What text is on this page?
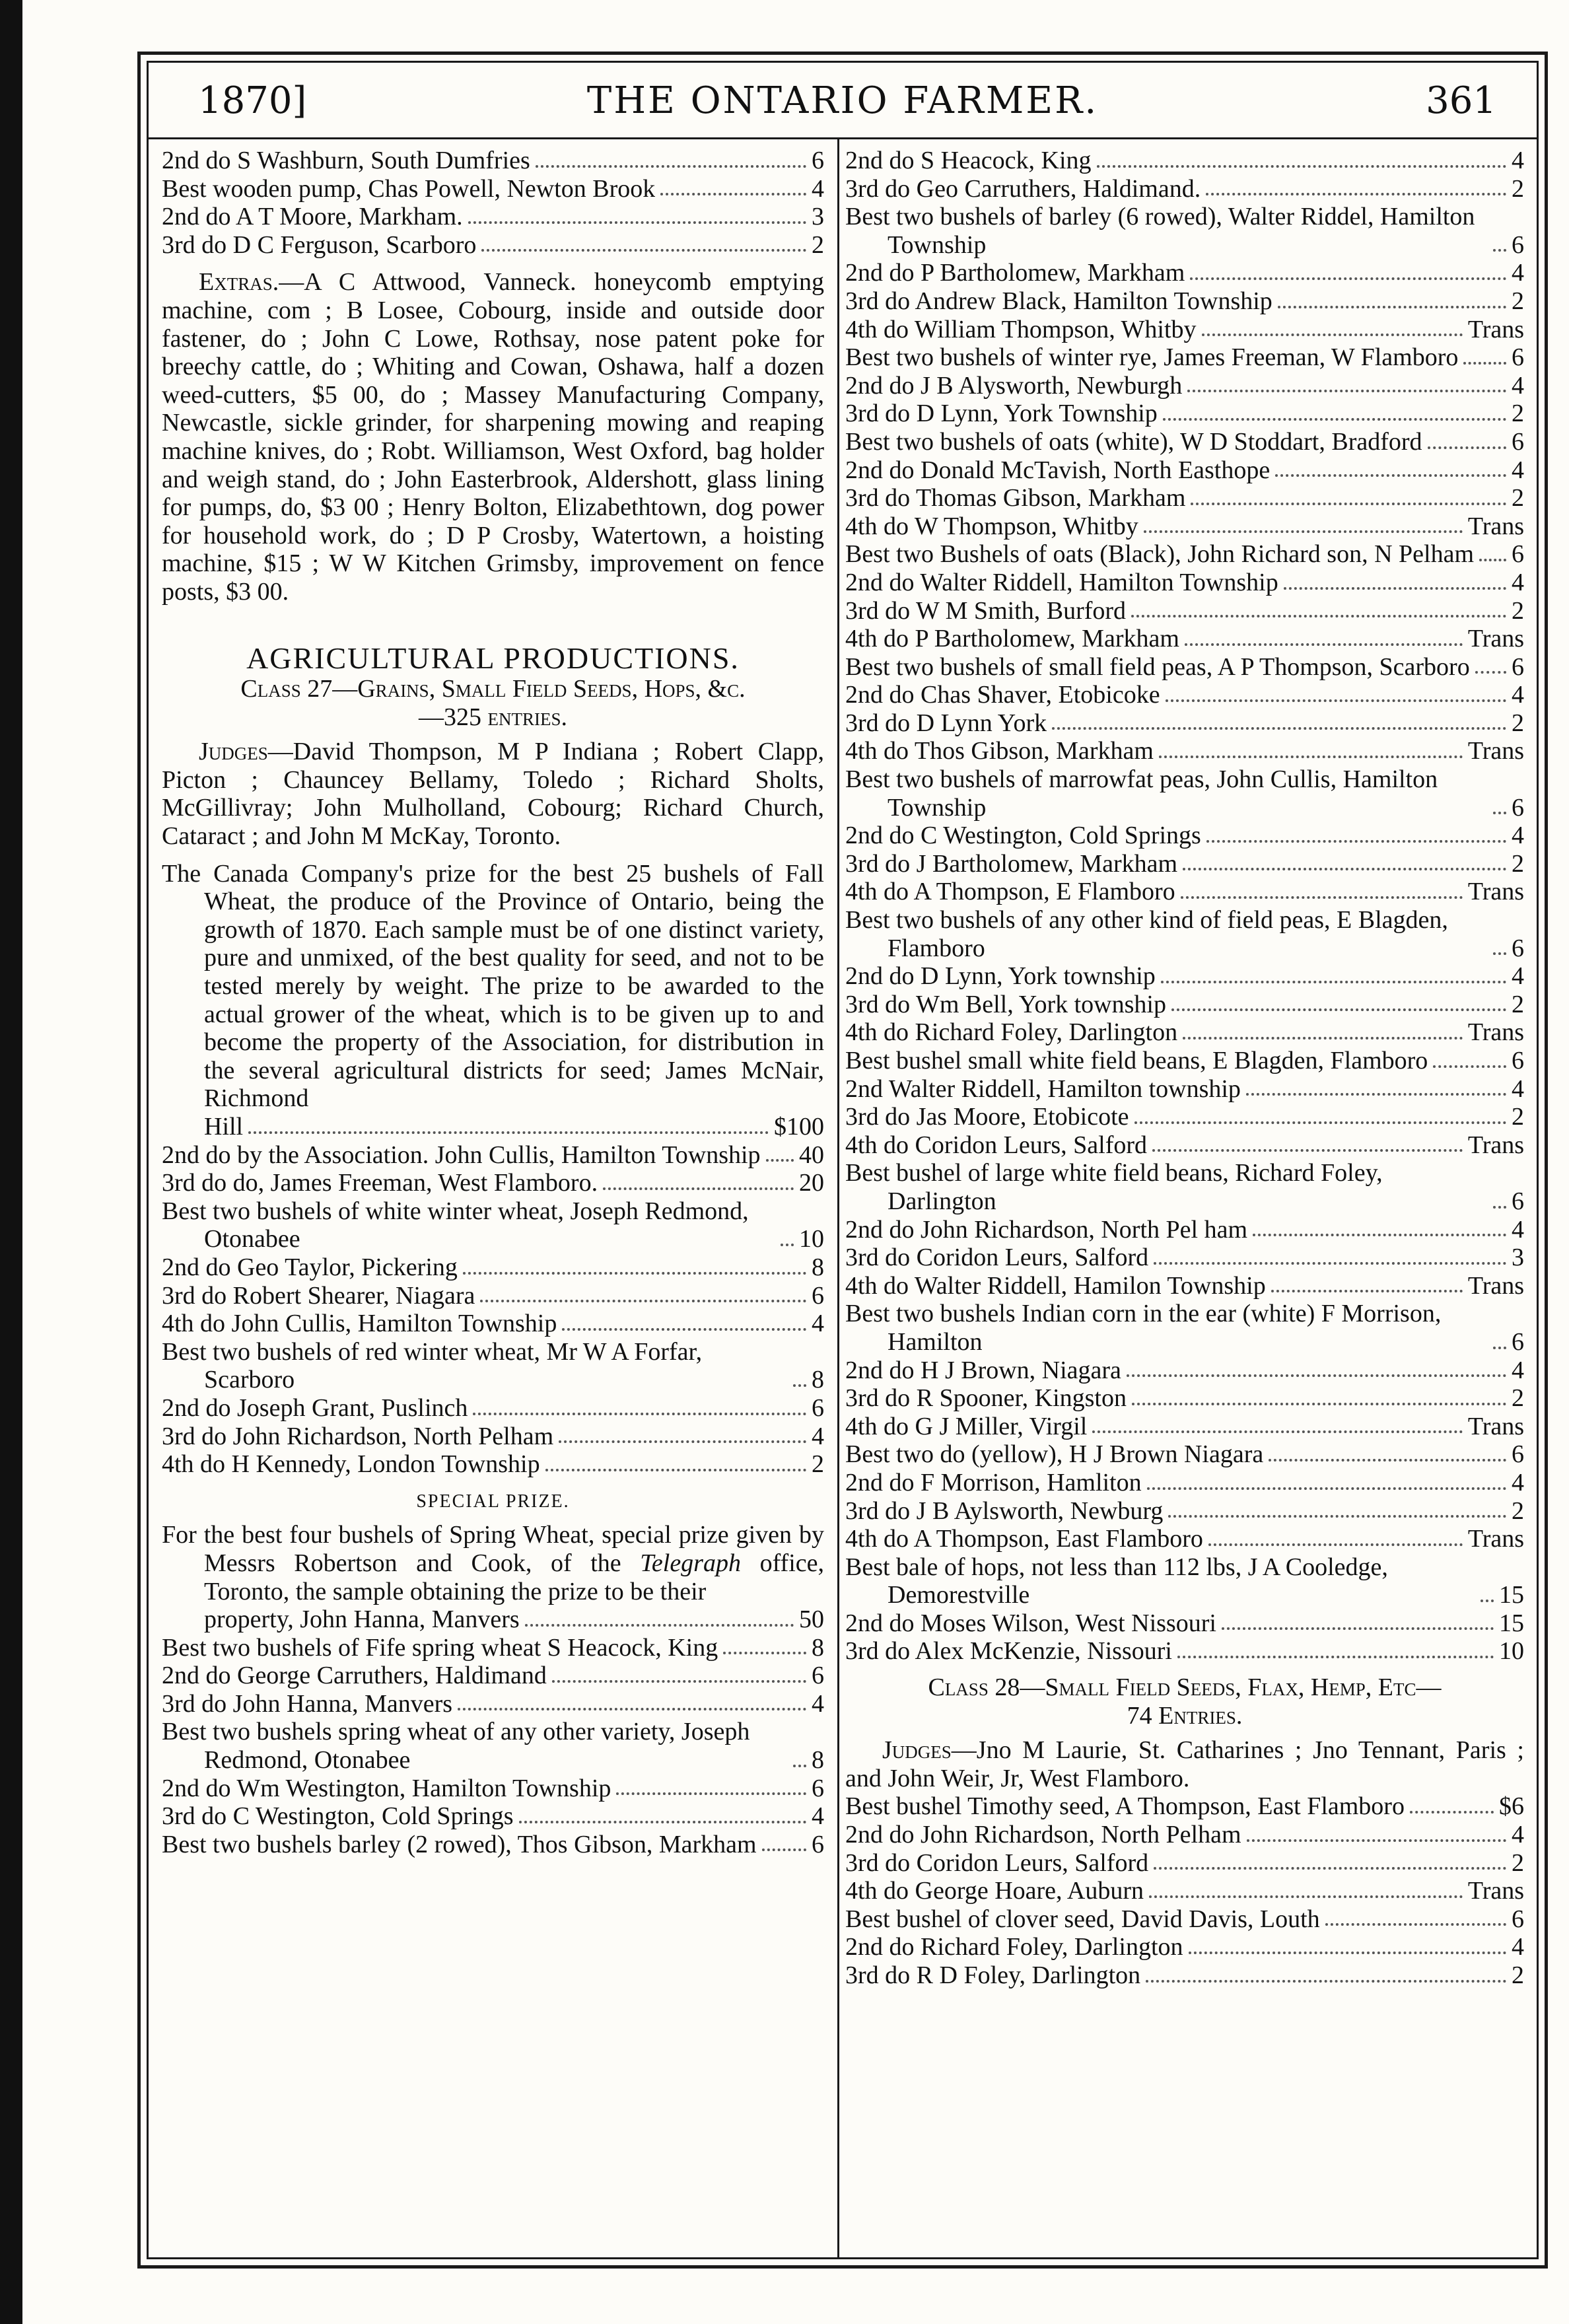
1870]	THE ONTARIO FARMER.	361
2nd do S Washburn, South Dumfries	6
Best wooden pump, Chas Powell, Newton Brook	4
2nd do A T Moore, Markham.	3
3rd do D C Ferguson, Scarboro	2

Extras.—A C Attwood, Vanneck. honeycomb emptying machine, com ; B Losee, Cobourg, inside and outside door fastener, do ; John C Lowe, Rothsay, nose patent poke for breechy cattle, do ; Whiting and Cowan, Oshawa, half a dozen weed-cutters, $5 00, do ; Massey Manufacturing Company, Newcastle, sickle grinder, for sharpening mowing and reaping machine knives, do ; Robt. Williamson, West Oxford, bag holder and weigh stand, do ; John Easterbrook, Aldershott, glass lining for pumps, do, $3 00 ; Henry Bolton, Elizabethtown, dog power for household work, do ; D P Crosby, Watertown, a hoisting machine, $15 ; W W Kitchen Grimsby, improvement on fence posts, $3 00.

AGRICULTURAL PRODUCTIONS.
Class 27—Grains, Small Field Seeds, Hops, &c.
—325 entries.

Judges—David Thompson, M P Indiana ; Robert Clapp, Picton ; Chauncey Bellamy, Toledo ; Richard Sholts, McGillivray; John Mulholland, Cobourg; Richard Church, Cataract ; and John M McKay, Toronto.

The Canada Company's prize for the best 25 bushels of Fall Wheat, the produce of the Province of Ontario, being the growth of 1870. Each sample must be of one distinct variety, pure and unmixed, of the best quality for seed, and not to be tested merely by weight. The prize to be awarded to the actual grower of the wheat, which is to be given up to and become the property of the Association, for distribution in the several agricultural districts for seed; James McNair, Richmond
Hill	$100
2nd do by the Association. John Cullis, Hamilton Township 40
3rd do do, James Freeman, West Flamboro.	20
Best two bushels of white winter wheat, Joseph Redmond, Otonabee	10
2nd do Geo Taylor, Pickering	8
3rd do Robert Shearer, Niagara	6
4th do John Cullis, Hamilton Township	4
Best two bushels of red winter wheat, Mr W A Forfar, Scarboro	8
2nd do Joseph Grant, Puslinch	6
3rd do John Richardson, North Pelham	4
4th do H Kennedy, London Township	2
SPECIAL PRIZE.
For the best four bushels of Spring Wheat, special prize given by Messrs Robertson and Cook, of the Telegraph office, Toronto, the sample obtaining the prize to be their
property, John Hanna, Manvers	50
Best two bushels of Fife spring wheat S Heacock, King	8
2nd do George Carruthers, Haldimand	6
3rd do John Hanna, Manvers	4
Best two bushels spring wheat of any other variety, Joseph Redmond, Otonabee	8
2nd do Wm Westington, Hamilton Township	6
3rd do C Westington, Cold Springs	4
Best two bushels barley (2 rowed), Thos Gibson, Markham 6
2nd do S Heacock, King	4
3rd do Geo Carruthers, Haldimand.	2
Best two bushels of barley (6 rowed), Walter Riddel, Hamilton Township	6
2nd do P Bartholomew, Markham	4
3rd do Andrew Black, Hamilton Township	2
4th do William Thompson, Whitby	Trans
Best two bushels of winter rye, James Freeman, W Flamboro 6
2nd do J B Alysworth, Newburgh	4
3rd do D Lynn, York Township	2
Best two bushels of oats (white), W D Stoddart, Bradford	6
2nd do Donald McTavish, North Easthope	4
3rd do Thomas Gibson, Markham	2
4th do W Thompson, Whitby	Trans
Best two Bushels of oats (Black), John Richard son, N Pelham 6
2nd do Walter Riddell, Hamilton Township	4
3rd do W M Smith, Burford	2
4th do P Bartholomew, Markham	Trans
Best two bushels of small field peas, A P Thompson, Scarboro 6
2nd do Chas Shaver, Etobicoke	4
3rd do D Lynn York	2
4th do Thos Gibson, Markham	Trans
Best two bushels of marrowfat peas, John Cullis, Hamilton Township	6
2nd do C Westington, Cold Springs	4
3rd do J Bartholomew, Markham	2
4th do A Thompson, E Flamboro	Trans
Best two bushels of any other kind of field peas, E Blagden, Flamboro	6
2nd do D Lynn, York township	4
3rd do Wm Bell, York township	2
4th do Richard Foley, Darlington	Trans
Best bushel small white field beans, E Blagden, Flamboro	6
2nd Walter Riddell, Hamilton township	4
3rd do Jas Moore, Etobicote	2
4th do Coridon Leurs, Salford	Trans
Best bushel of large white field beans, Richard Foley, Darlington	6
2nd do John Richardson, North Pel ham	4
3rd do Coridon Leurs, Salford	3
4th do Walter Riddell, Hamilon Township	Trans
Best two bushels Indian corn in the ear (white) F Morrison, Hamilton	6
2nd do H J Brown, Niagara	4
3rd do R Spooner, Kingston	2
4th do G J Miller, Virgil	Trans
Best two do (yellow), H J Brown Niagara	6
2nd do F Morrison, Hamliton	4
3rd do J B Aylsworth, Newburg	2
4th do A Thompson, East Flamboro	Trans
Best bale of hops, not less than 112 lbs, J A Cooledge, Demorestville	15
2nd do Moses Wilson, West Nissouri	15
3rd do Alex McKenzie, Nissouri	10
Class 28—Small Field Seeds, Flax, Hemp, Etc—
74 Entries.

Judges—Jno M Laurie, St. Catharines ; Jno Tennant, Paris ; and John Weir, Jr, West Flamboro.

Best bushel Timothy seed, A Thompson, East Flamboro	$6
2nd do John Richardson, North Pelham	4
3rd do Coridon Leurs, Salford	2
4th do George Hoare, Auburn	Trans
Best bushel of clover seed, David Davis, Louth	6
2nd do Richard Foley, Darlington	4
3rd do R D Foley, Darlington	2
